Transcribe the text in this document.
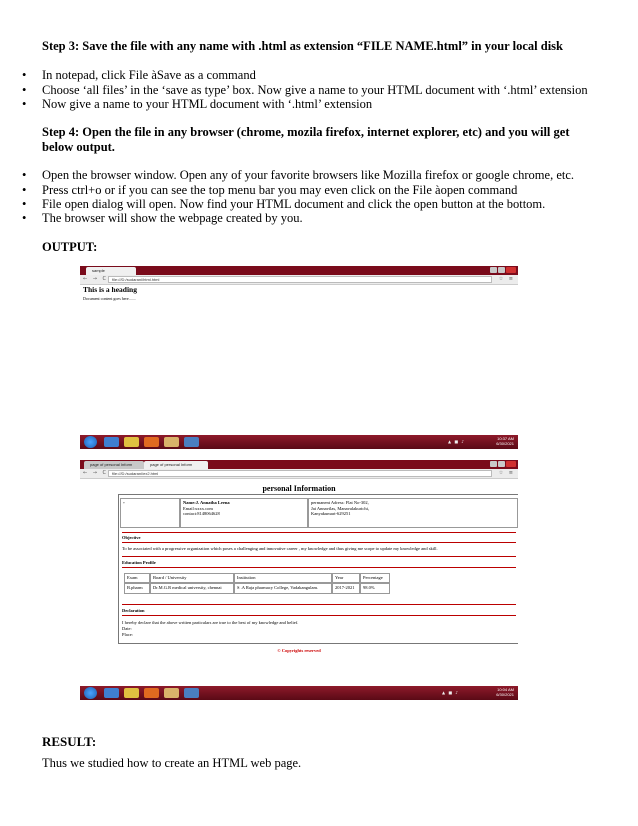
Step 3: Save the file with any name with .html as extension “FILE NAME.html” in your local disk
• In notepad, click File àSave as a command
• Choose ‘all files’ in the ‘save as type’ box. Now give a name to your HTML document with ‘.html’ extension
• Now give a name to your HTML document with ‘.html’ extension
Step 4: Open the file in any browser (chrome, mozila firefox, internet explorer, etc) and you will get
below output.
• Open the browser window. Open any of your favorite browsers like Mozilla firefox or google chrome, etc.
• Press ctrl+o or if you can see the top menu bar you may even click on the File àopen command
• File open dialog will open. Now find your HTML document and click the open button at the bottom.
• The browser will show the webpage created by you.
OUTPUT:
sample
← → C file:///D:/sudarani/html.html	☆ ≡
This is a heading
Document content goes here.......
▲ ■ ♪
10:37 AM
6/30/2021
page of personal Inform	page of personal Inform
← → C file:///D:/sudarani/ex2.html	☆ ≡
personal Information
▫	Name:J. Annatha Leena
Email:xxxx.com
contact:8148064628
permanent Adress: Flat No-302,
Jai Annavilas, Manavalakurichi,
Kanyakumari-629251
Objective
To be associated with a progressive organization which poses a challenging and innovative career , my knowledge and thus giving me scope to update my knowledge and skill.
Education Profile
Exam	Board / University	Institution	Year	Percentage
B.pharm	Dr.M.G.R medical university, chennai	S .A Raja pharmacy College, Vadakangulam.	2017-2021	98.0%
Declaration
I hereby declare that the above written particulars are true to the best of my knowledge and belief.
Date:
Place:
© Copyrights reserved
▲ ■ ♪
10:04 AM
6/30/2021
RESULT:
Thus we studied how to create an HTML web page.
